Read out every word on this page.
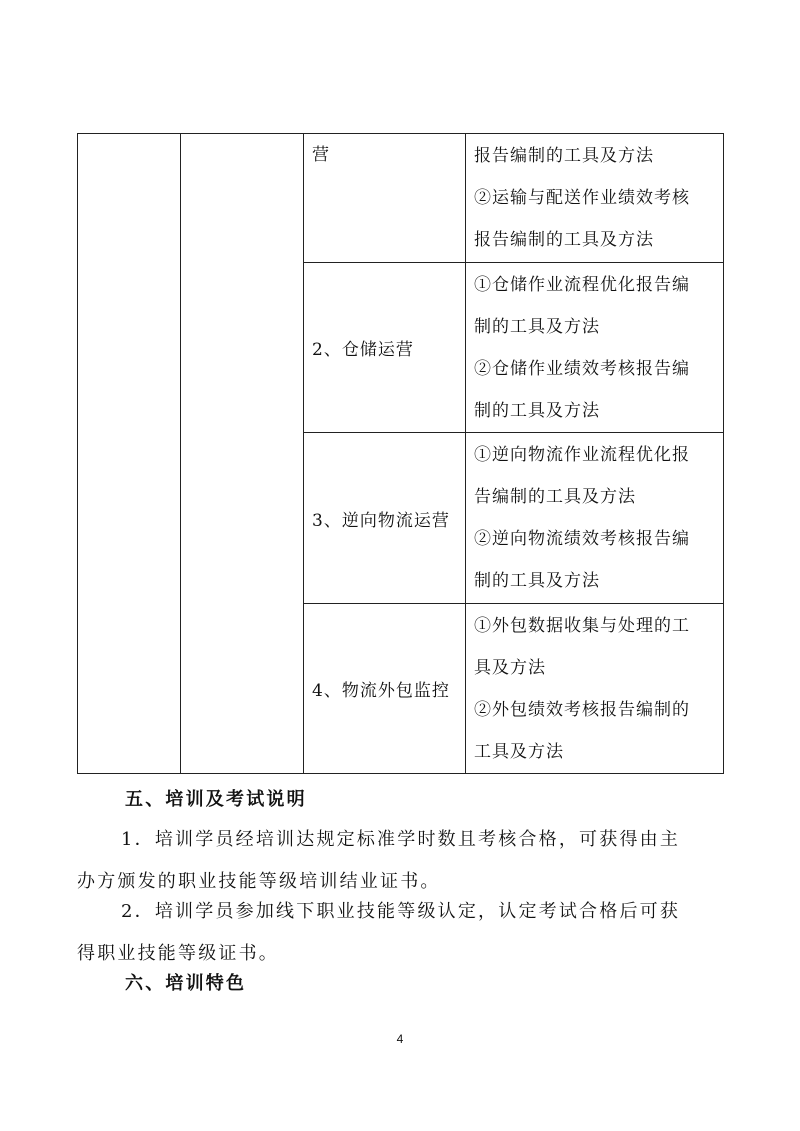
		营	报告编制的工具及方法
②运输与配送作业绩效考核
报告编制的工具及方法

		2、仓储运营	①仓储作业流程优化报告编
制的工具及方法
②仓储作业绩效考核报告编
制的工具及方法

		3、逆向物流运营	①逆向物流作业流程优化报
告编制的工具及方法
②逆向物流绩效考核报告编
制的工具及方法

		4、物流外包监控	①外包数据收集与处理的工
具及方法
②外包绩效考核报告编制的
工具及方法
五、培训及考试说明
1．培训学员经培训达规定标准学时数且考核合格，可获得由主
办方颁发的职业技能等级培训结业证书。
2．培训学员参加线下职业技能等级认定，认定考试合格后可获
得职业技能等级证书。
六、培训特色
4
